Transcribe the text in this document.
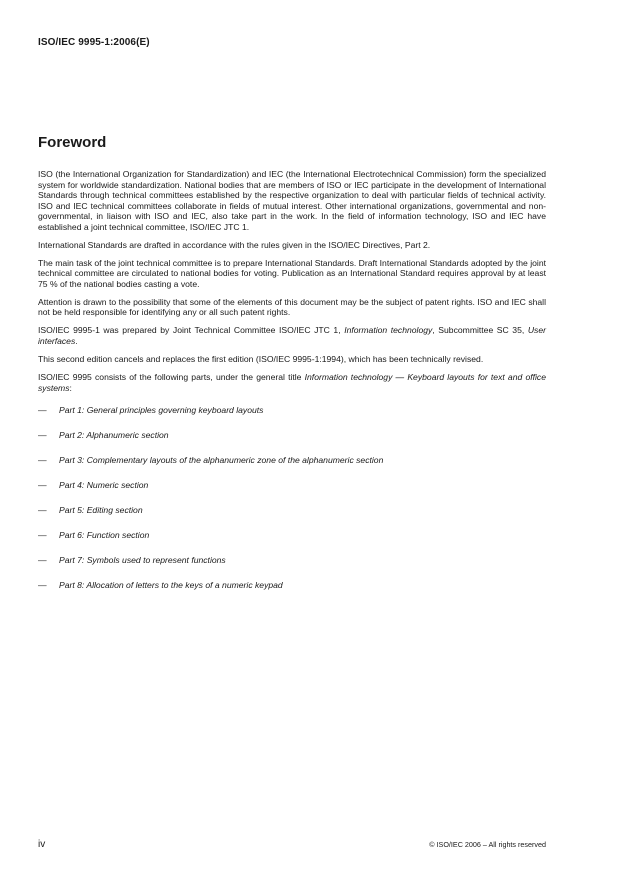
ISO/IEC 9995-1:2006(E)
Foreword

ISO (the International Organization for Standardization) and IEC (the International Electrotechnical Commission) form the specialized system for worldwide standardization. National bodies that are members of ISO or IEC participate in the development of International Standards through technical committees established by the respective organization to deal with particular fields of technical activity. ISO and IEC technical committees collaborate in fields of mutual interest. Other international organizations, governmental and non-governmental, in liaison with ISO and IEC, also take part in the work. In the field of information technology, ISO and IEC have established a joint technical committee, ISO/IEC JTC 1.

International Standards are drafted in accordance with the rules given in the ISO/IEC Directives, Part 2.

The main task of the joint technical committee is to prepare International Standards. Draft International Standards adopted by the joint technical committee are circulated to national bodies for voting. Publication as an International Standard requires approval by at least 75 % of the national bodies casting a vote.

Attention is drawn to the possibility that some of the elements of this document may be the subject of patent rights. ISO and IEC shall not be held responsible for identifying any or all such patent rights.

ISO/IEC 9995-1 was prepared by Joint Technical Committee ISO/IEC JTC 1, Information technology, Subcommittee SC 35, User interfaces.

This second edition cancels and replaces the first edition (ISO/IEC 9995-1:1994), which has been technically revised.

ISO/IEC 9995 consists of the following parts, under the general title Information technology — Keyboard layouts for text and office systems:

— Part 1: General principles governing keyboard layouts
— Part 2: Alphanumeric section
— Part 3: Complementary layouts of the alphanumeric zone of the alphanumeric section
— Part 4: Numeric section
— Part 5: Editing section
— Part 6: Function section
— Part 7: Symbols used to represent functions
— Part 8: Allocation of letters to the keys of a numeric keypad
iv	© ISO/IEC 2006 – All rights reserved
